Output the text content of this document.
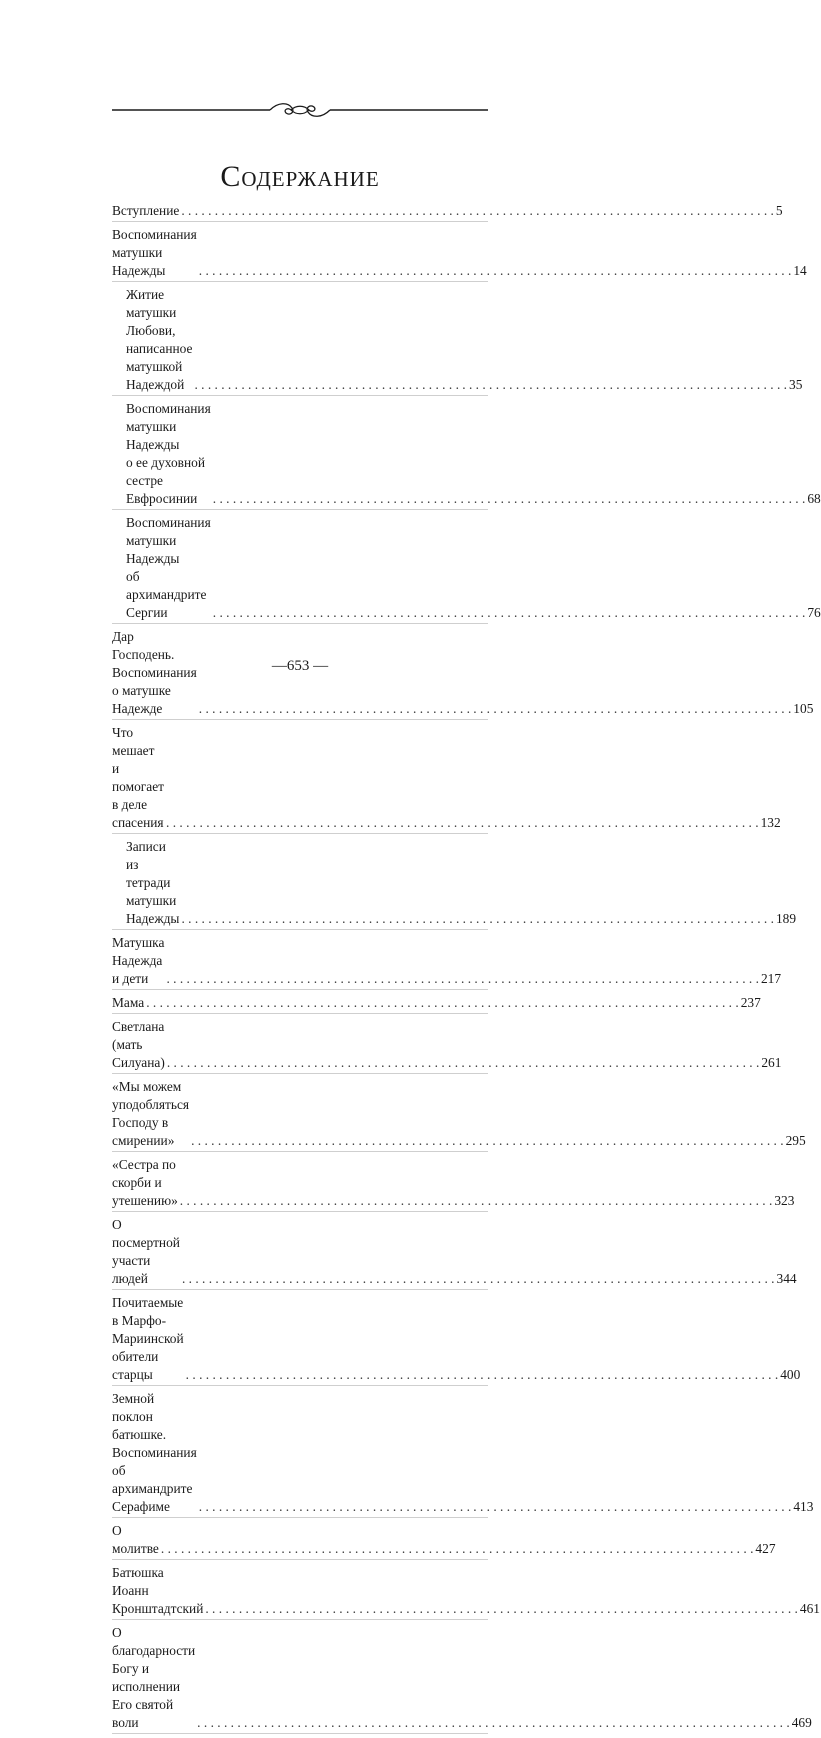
Содержание
Вступление . . .	5
Воспоминания матушки Надежды . . .	14
Житие матушки Любови,
написанное матушкой Надеждой . . .	35
Воспоминания матушки Надежды
о ее духовной сестре Евфросинии . . .	68
Воспоминания матушки Надежды
об архимандрите Сергии . . .	76
Дар Господень. Воспоминания о матушке Надежде . . .	105
Что мешает и помогает в деле спасения . . .	132
Записи из тетради матушки Надежды . . .	189
Матушка Надежда и дети . . .	217
Мама . . .	237
Светлана (мать Силуана) . . .	261
«Мы можем уподобляться Господу в смирении» . . .	295
«Сестра по скорби и утешению» . . .	323
О посмертной участи людей . . .	344
Почитаемые в Марфо-Мариинской обители старцы . . .	400
Земной поклон батюшке.
Воспоминания об архимандрите Серафиме . . .	413
О молитве . . .	427
Батюшка Иоанн Кронштадтский . . .	461
О благодарности Богу и исполнении
Его святой воли . . .	469
—653 —
